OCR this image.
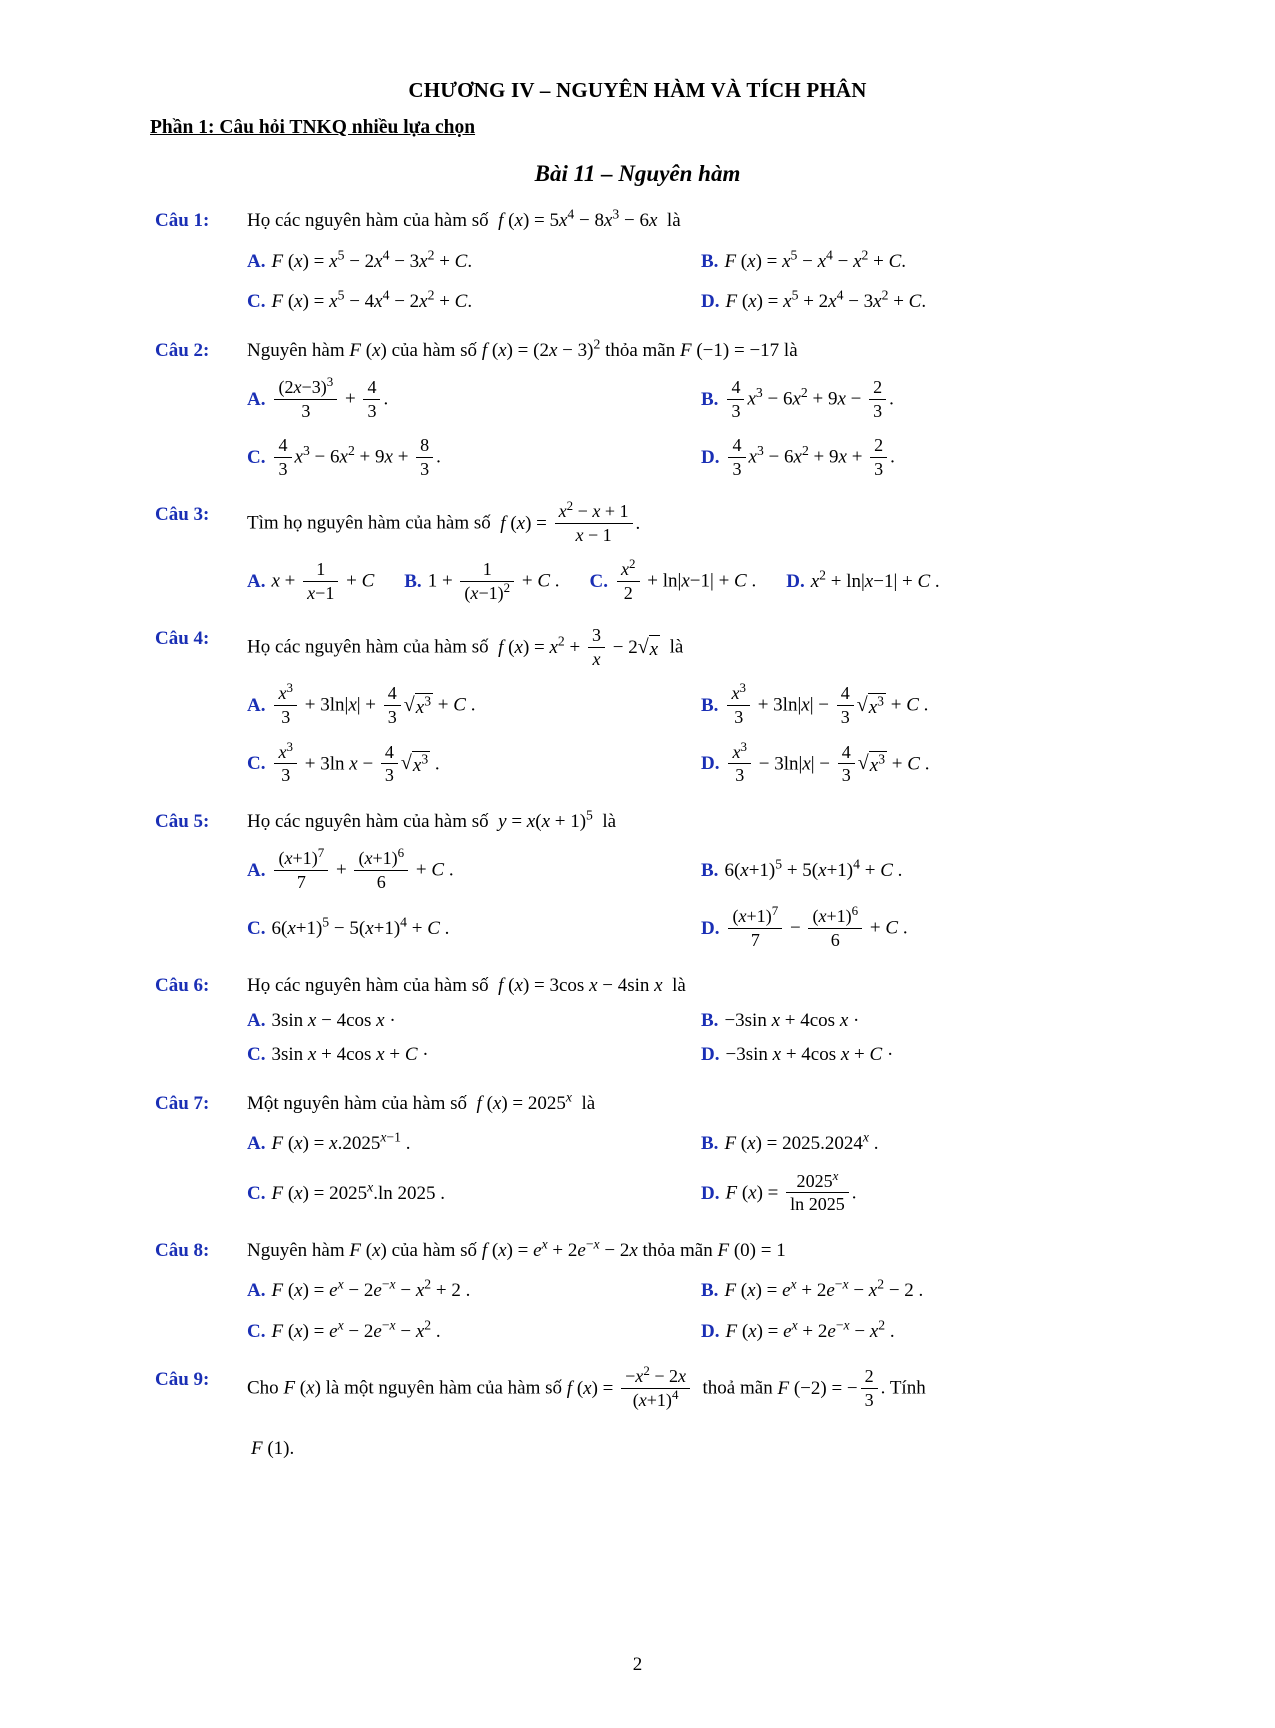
CHƯƠNG IV – NGUYÊN HÀM VÀ TÍCH PHÂN
Phần 1: Câu hỏi TNKQ nhiều lựa chọn
Bài 11 – Nguyên hàm
Câu 1:	Họ các nguyên hàm của hàm số  f $(x) = 5x^4 - 8x^3 - 6x$  là
A. F $(x) = x^5 - 2x^4 - 3x^2 + C$.	B. F $(x) = x^5 - x^4 - x^2 + C$.
C. F $(x) = x^5 - 4x^4 - 2x^2 + C$.	D. F $(x) = x^5 + 2x^4 - 3x^2 + C$.
Câu 2:	Nguyên hàm F (x) của hàm số f $(x) = (2x - 3)^2$ thỏa mãn F (−1) = −17 là
A. $\frac{(2x-3)^3}{3} + \frac{4}{3}$ .	B. $\frac{4}{3} x^3 - 6x^2 + 9x - \frac{2}{3}$ .
C. $\frac{4}{3} x^3 - 6x^2 + 9x + \frac{8}{3}$ .	D. $\frac{4}{3} x^3 - 6x^2 + 9x + \frac{2}{3}$ .
Câu 3:	Tìm họ nguyên hàm của hàm số  f $(x) = \frac{x^2 - x + 1}{x - 1}$ .
A. $x + \frac{1}{x-1} + C$ B. $1 + \frac{1}{(x-1)^2} + C$ . C. $\frac{x^2}{2} + \ln|x-1| + C$ . D. $x^2 + \ln|x-1| + C$ .
Câu 4:	Họ các nguyên hàm của hàm số  f $(x) = x^2 + \frac{3}{x} - 2$ √ x là
A. $\frac{x^3}{3} + 3\ln|x| + \frac{4}{3}$ √ $x^3 + C$ .	B. $\frac{x^3}{3} + 3\ln|x| - \frac{4}{3}$ √ $x^3 + C$ .
C. $\frac{x^3}{3} + 3\ln$ $x - \frac{4}{3}$ √ $x^3$ .	D. $\frac{x^3}{3} - 3\ln|x| - \frac{4}{3}$ √ $x^3 + C$ .
Câu 5:	Họ các nguyên hàm của hàm số  $y = x(x + 1)^5$  là
A. $\frac{(x+1)^7}{7} + \frac{(x+1)^6}{6} + C$ .	B. $6(x+1)^5 + 5(x+1)^4 + C$ .
C. $6(x+1)^5 - 5(x+1)^4 + C$ .	D. $\frac{(x+1)^7}{7} - \frac{(x+1)^6}{6} + C$ .
Câu 6:	Họ các nguyên hàm của hàm số  f (x) = 3cos x − 4sin x  là
A. 3sin x − 4cos x ·	B. −3sin x + 4cos x ·
C. 3sin x + 4cos x + C ·	D. −3sin x + 4cos x + C ·
Câu 7:	Một nguyên hàm của hàm số  f $(x) = 2025^x$  là
A. F $(x) = x.2025^{x-1}$ .	B. F $(x) = 2025.2024^x$ .
C. F $(x) = 2025^x.\ln$ 2025 .	D. F $(x) = \frac{2025^x}{\ln 2025}$ .
Câu 8:	Nguyên hàm F (x) của hàm số f $(x) = e^x + 2e^{-x} - 2x$ thỏa mãn F (0) = 1
A. F $(x) = e^x - 2e^{-x} - x^2 + 2$ .	B. F $(x) = e^x + 2e^{-x} - x^2 - 2$ .
C. F $(x) = e^x - 2e^{-x} - x^2$ .	D. F $(x) = e^x + 2e^{-x} - x^2$ .
Câu 9:	Cho F (x) là một nguyên hàm của hàm số f $(x) = \frac{-x^2 - 2x}{(x+1)^4}$ thoả mãn F (−2) = − $\frac{2}{3}$ . Tính
F (1).
2
